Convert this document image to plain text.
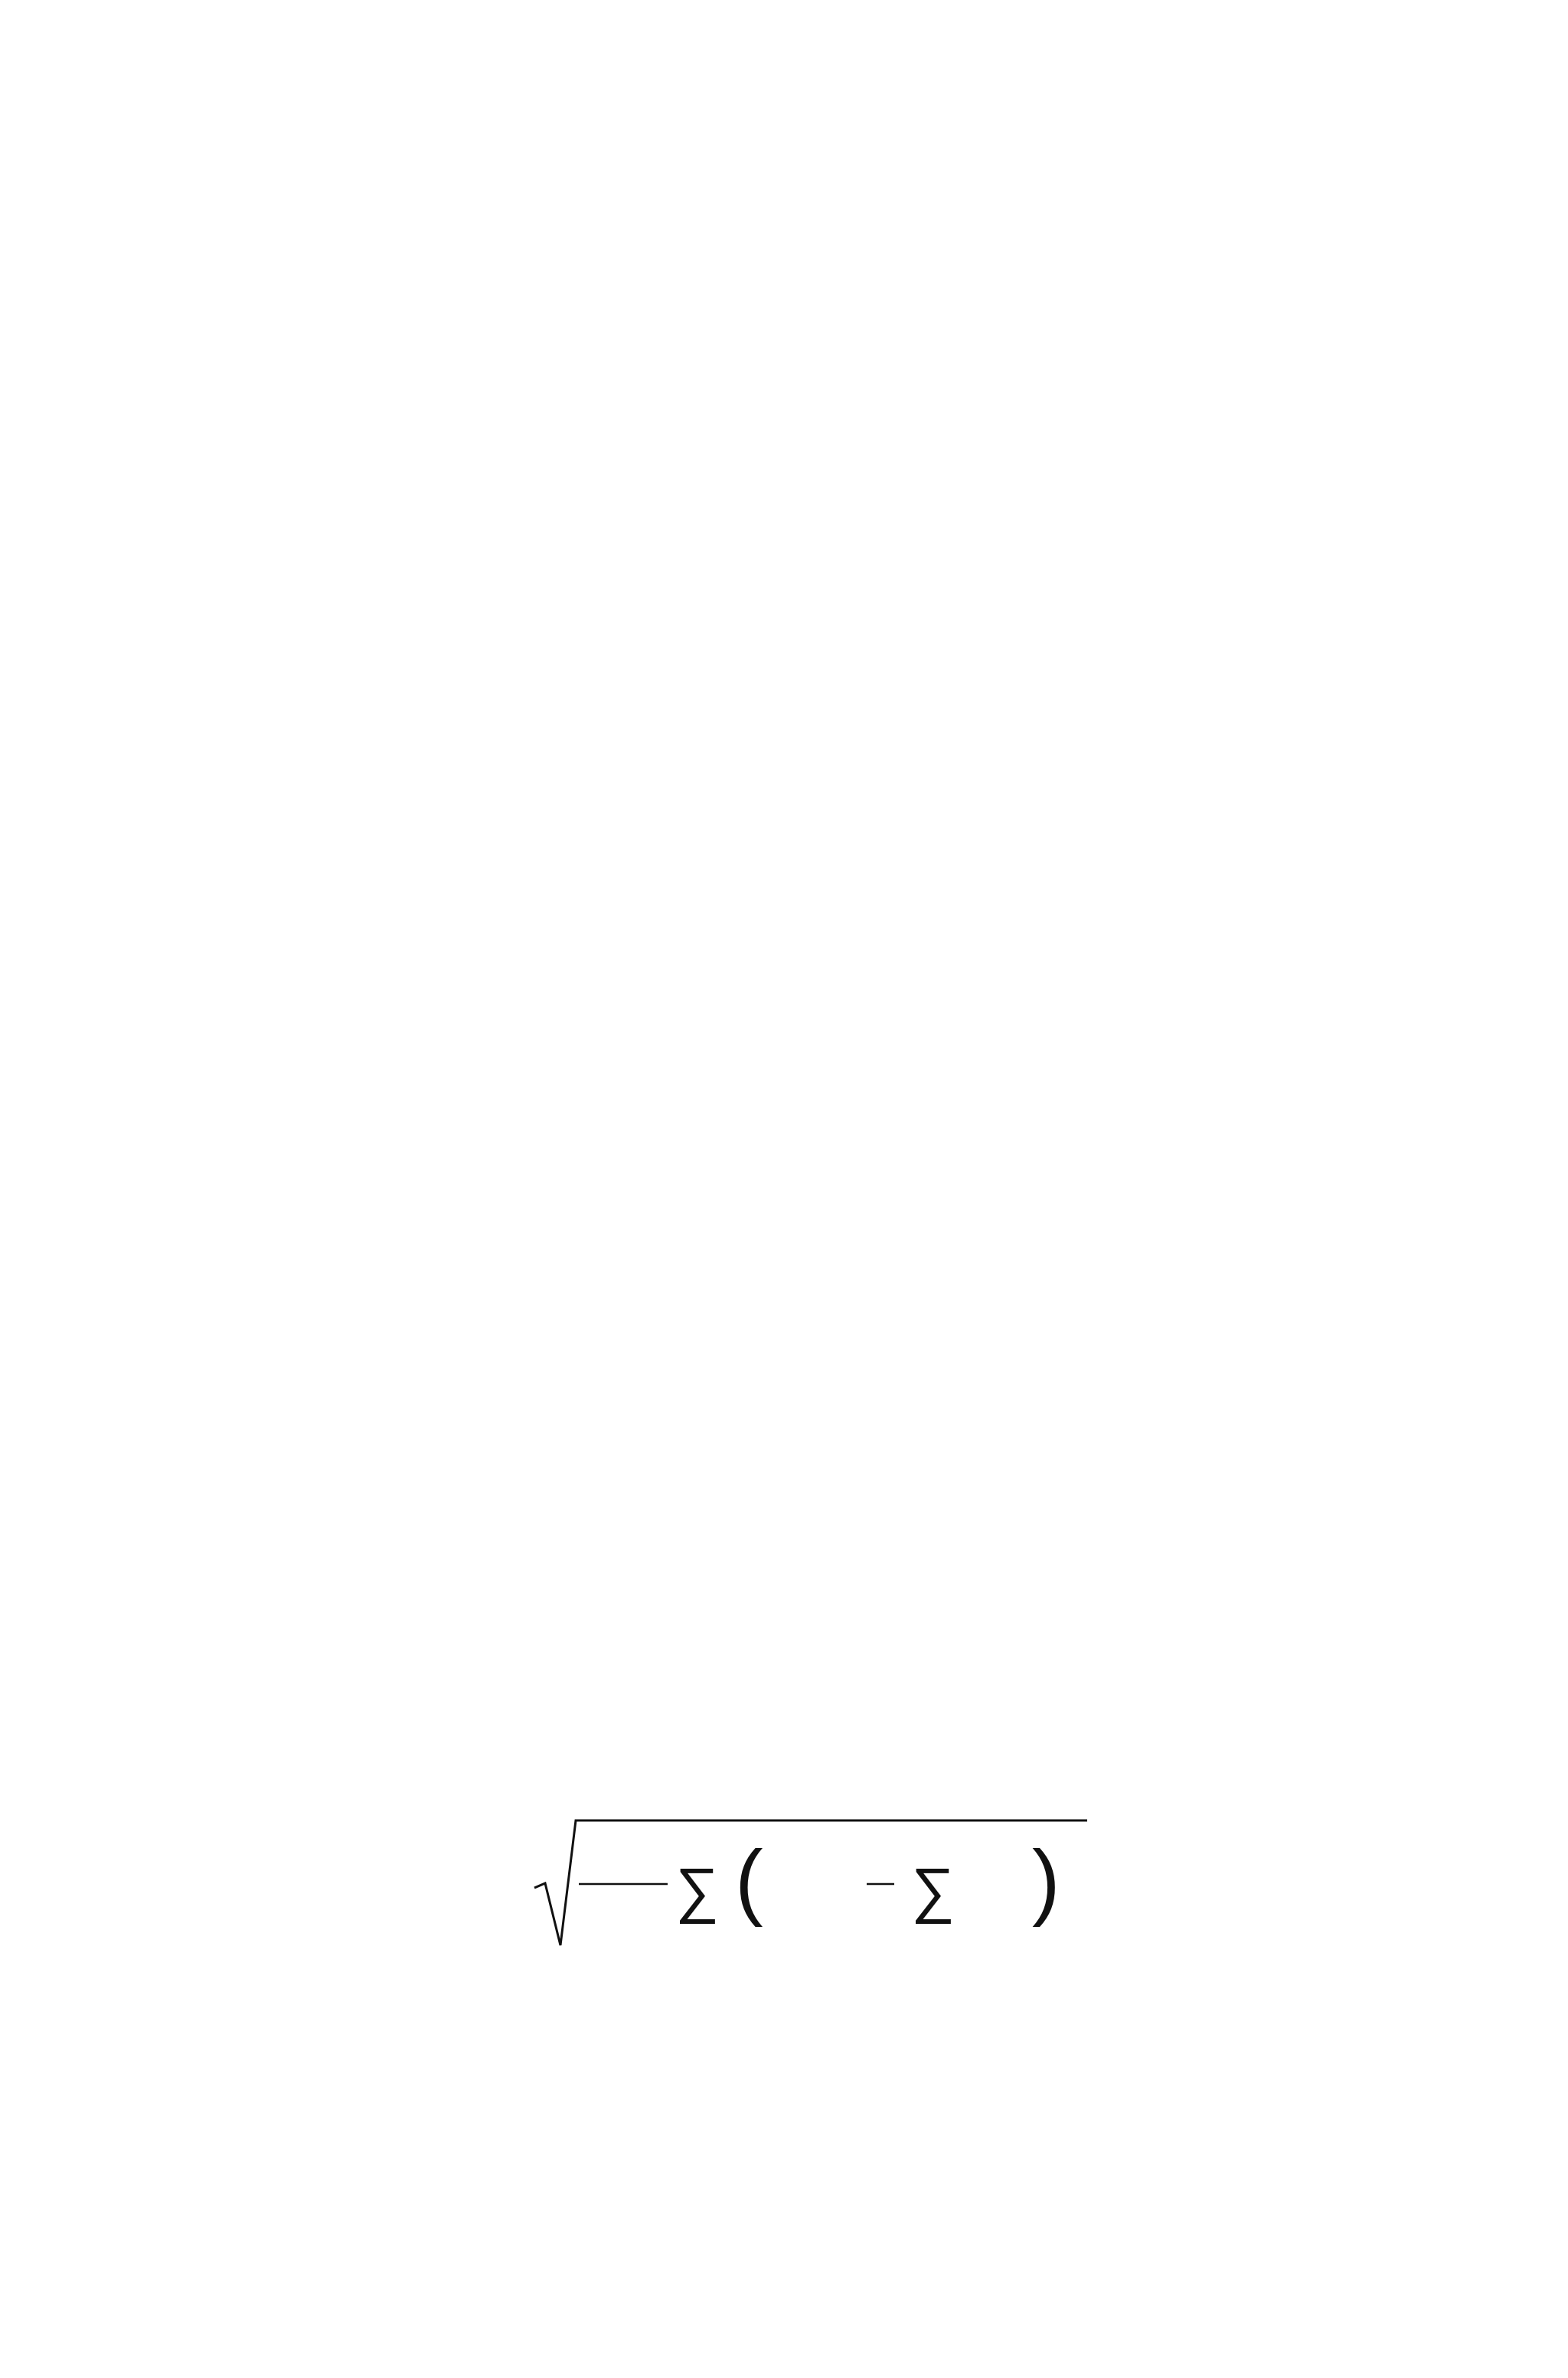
∑ ( ∑ )
